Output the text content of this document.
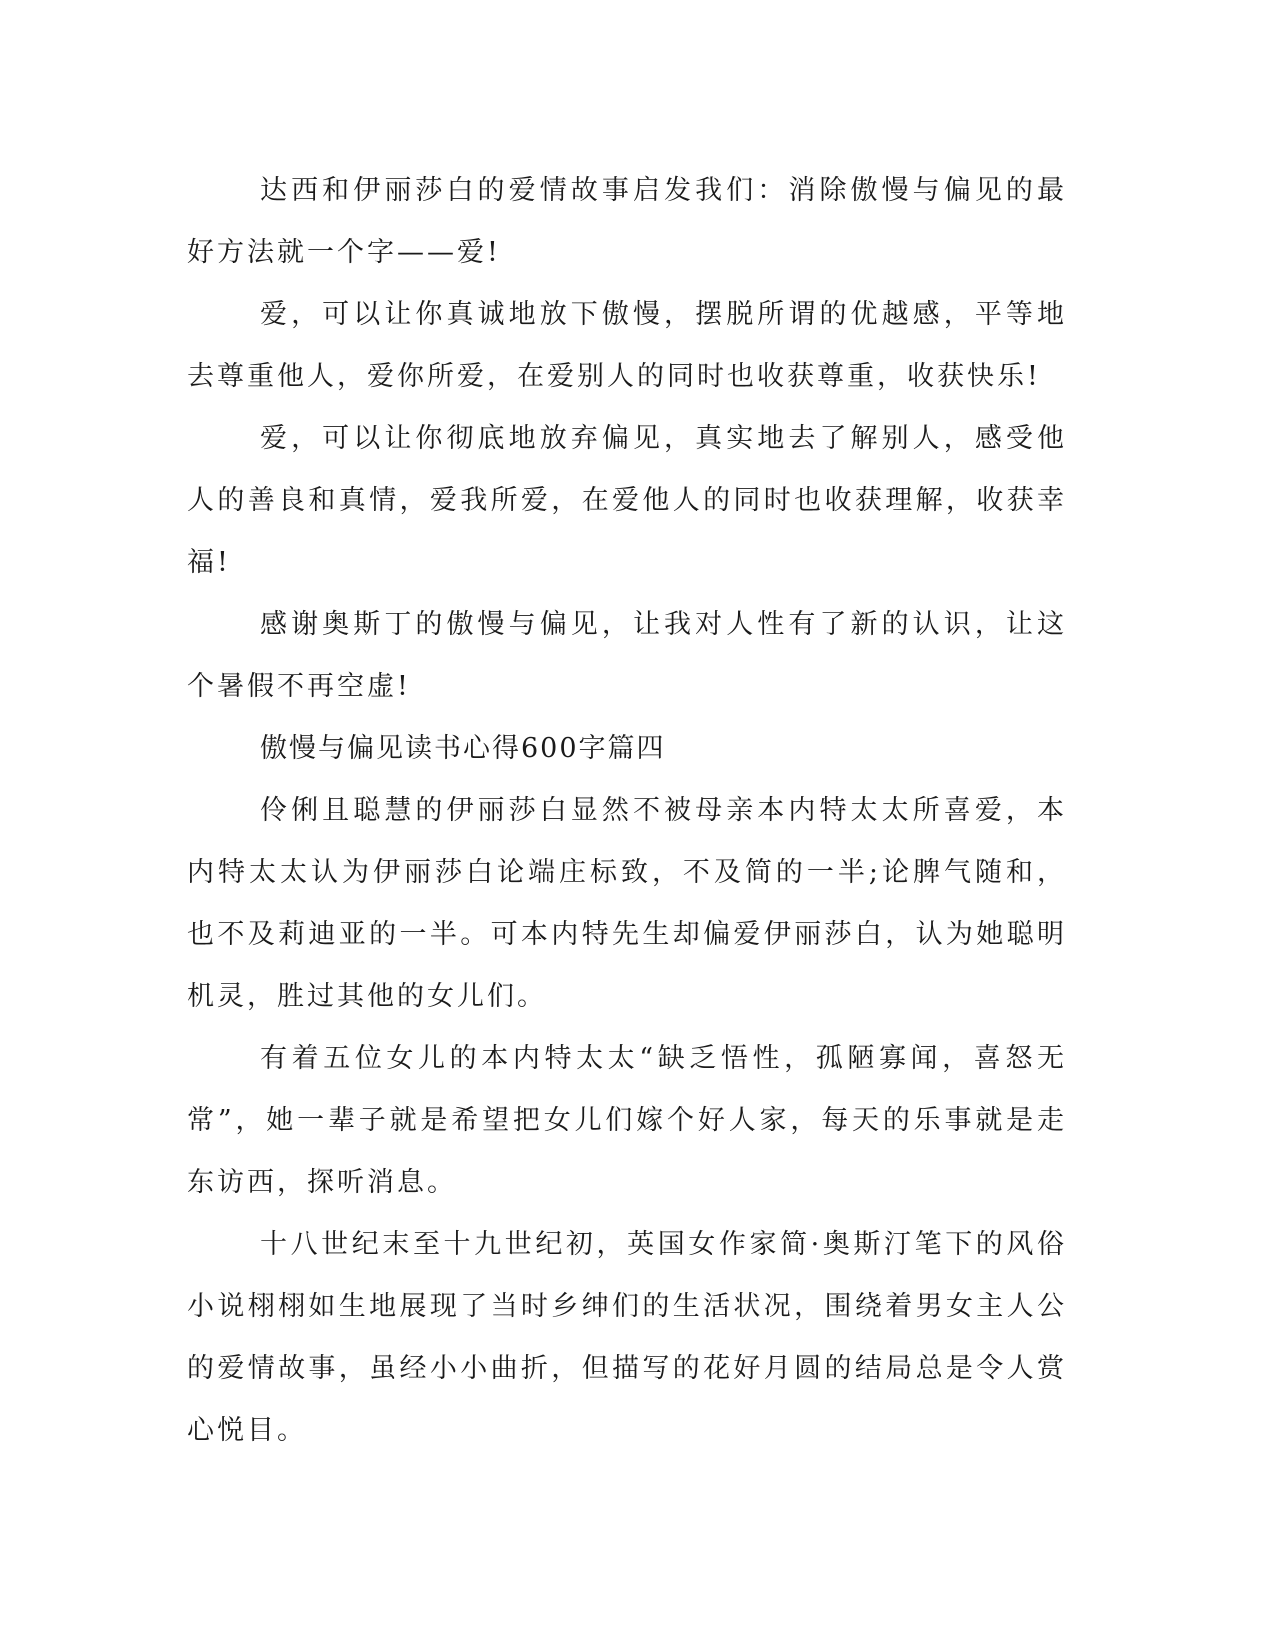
达西和伊丽莎白的爱情故事启发我们：消除傲慢与偏见的最好方法就一个字——爱!

爱，可以让你真诚地放下傲慢，摆脱所谓的优越感，平等地去尊重他人，爱你所爱，在爱别人的同时也收获尊重，收获快乐!

爱，可以让你彻底地放弃偏见，真实地去了解别人，感受他人的善良和真情，爱我所爱，在爱他人的同时也收获理解，收获幸福!

感谢奥斯丁的傲慢与偏见，让我对人性有了新的认识，让这个暑假不再空虚!

傲慢与偏见读书心得600字篇四

伶俐且聪慧的伊丽莎白显然不被母亲本内特太太所喜爱，本内特太太认为伊丽莎白论端庄标致，不及简的一半;论脾气随和，也不及莉迪亚的一半。可本内特先生却偏爱伊丽莎白，认为她聪明机灵，胜过其他的女儿们。

有着五位女儿的本内特太太“缺乏悟性，孤陋寡闻，喜怒无常”，她一辈子就是希望把女儿们嫁个好人家，每天的乐事就是走东访西，探听消息。

十八世纪末至十九世纪初，英国女作家简·奥斯汀笔下的风俗小说栩栩如生地展现了当时乡绅们的生活状况，围绕着男女主人公的爱情故事，虽经小小曲折，但描写的花好月圆的结局总是令人赏心悦目。
